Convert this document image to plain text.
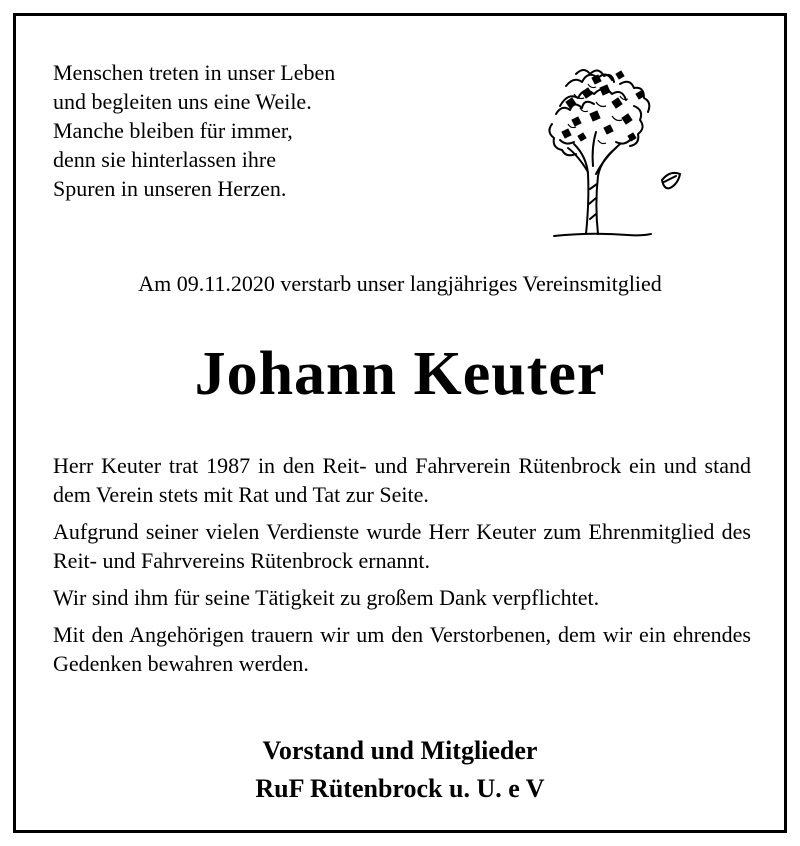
Menschen treten in unser Leben
und begleiten uns eine Weile.
Manche bleiben für immer,
denn sie hinterlassen ihre
Spuren in unseren Herzen.
Am 09.11.2020 verstarb unser langjähriges Vereinsmitglied
Johann Keuter

Herr Keuter trat 1987 in den Reit- und Fahrverein Rütenbrock ein und stand dem Verein stets mit Rat und Tat zur Seite.

Aufgrund seiner vielen Verdienste wurde Herr Keuter zum Ehrenmitglied des Reit- und Fahrvereins Rütenbrock ernannt.

Wir sind ihm für seine Tätigkeit zu großem Dank verpflichtet.

Mit den Angehörigen trauern wir um den Verstorbenen, dem wir ein ehrendes Gedenken bewahren werden.

Vorstand und Mitglieder
RuF Rütenbrock u. U. e V
